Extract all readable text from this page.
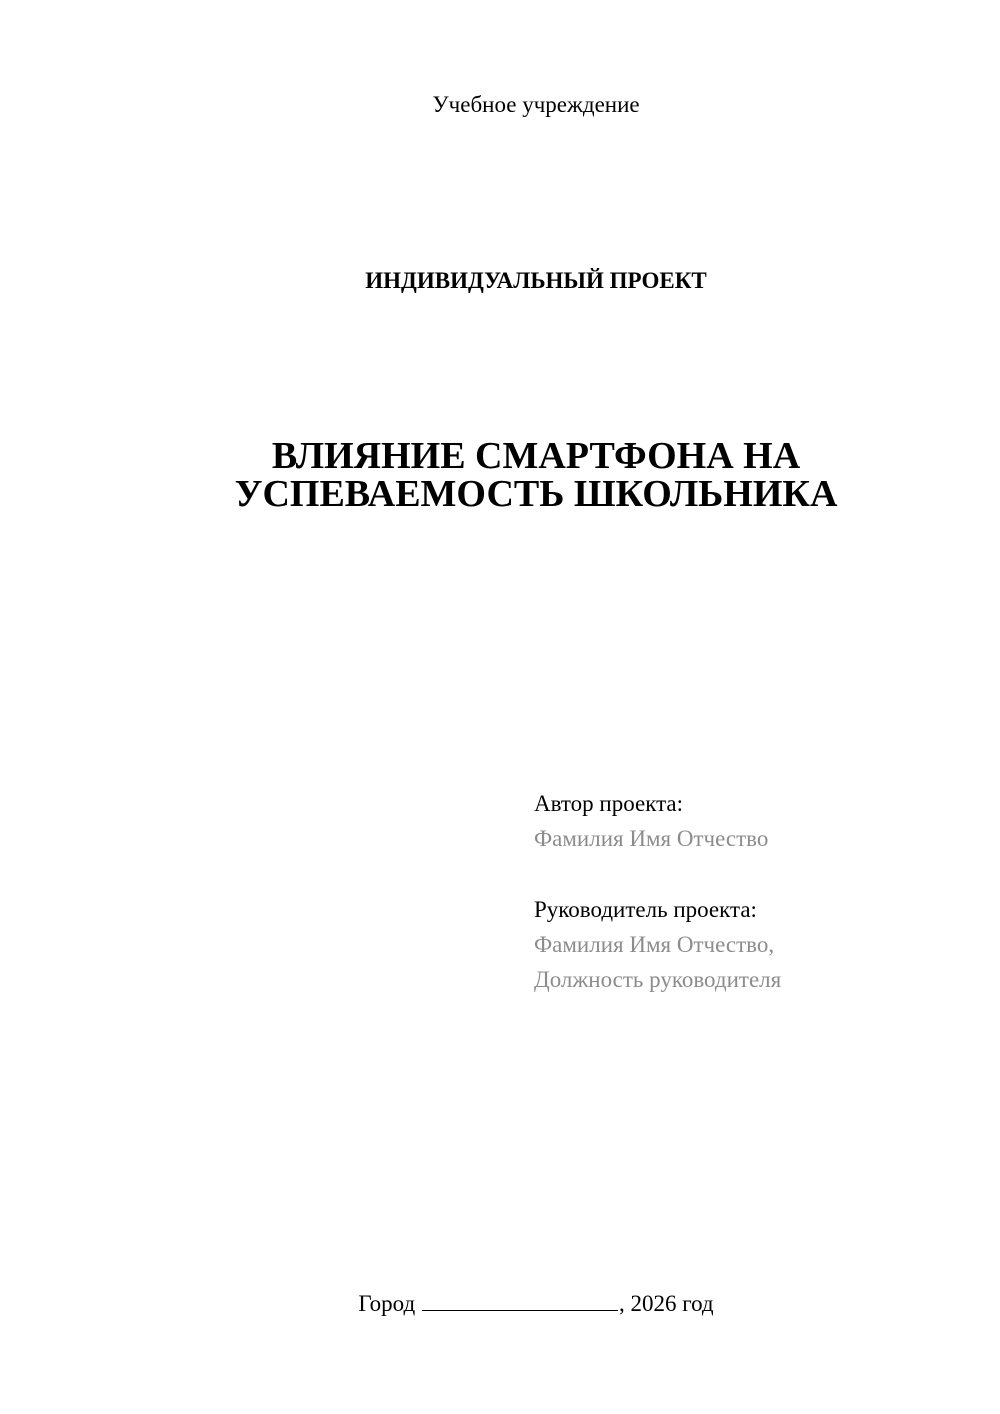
Учебное учреждение
ИНДИВИДУАЛЬНЫЙ ПРОЕКТ
ВЛИЯНИЕ СМАРТФОНА НА
УСПЕВАЕМОСТЬ ШКОЛЬНИКА
Автор проекта:
Фамилия Имя Отчество
Руководитель проекта:
Фамилия Имя Отчество,
Должность руководителя
Город	, 2026 год
